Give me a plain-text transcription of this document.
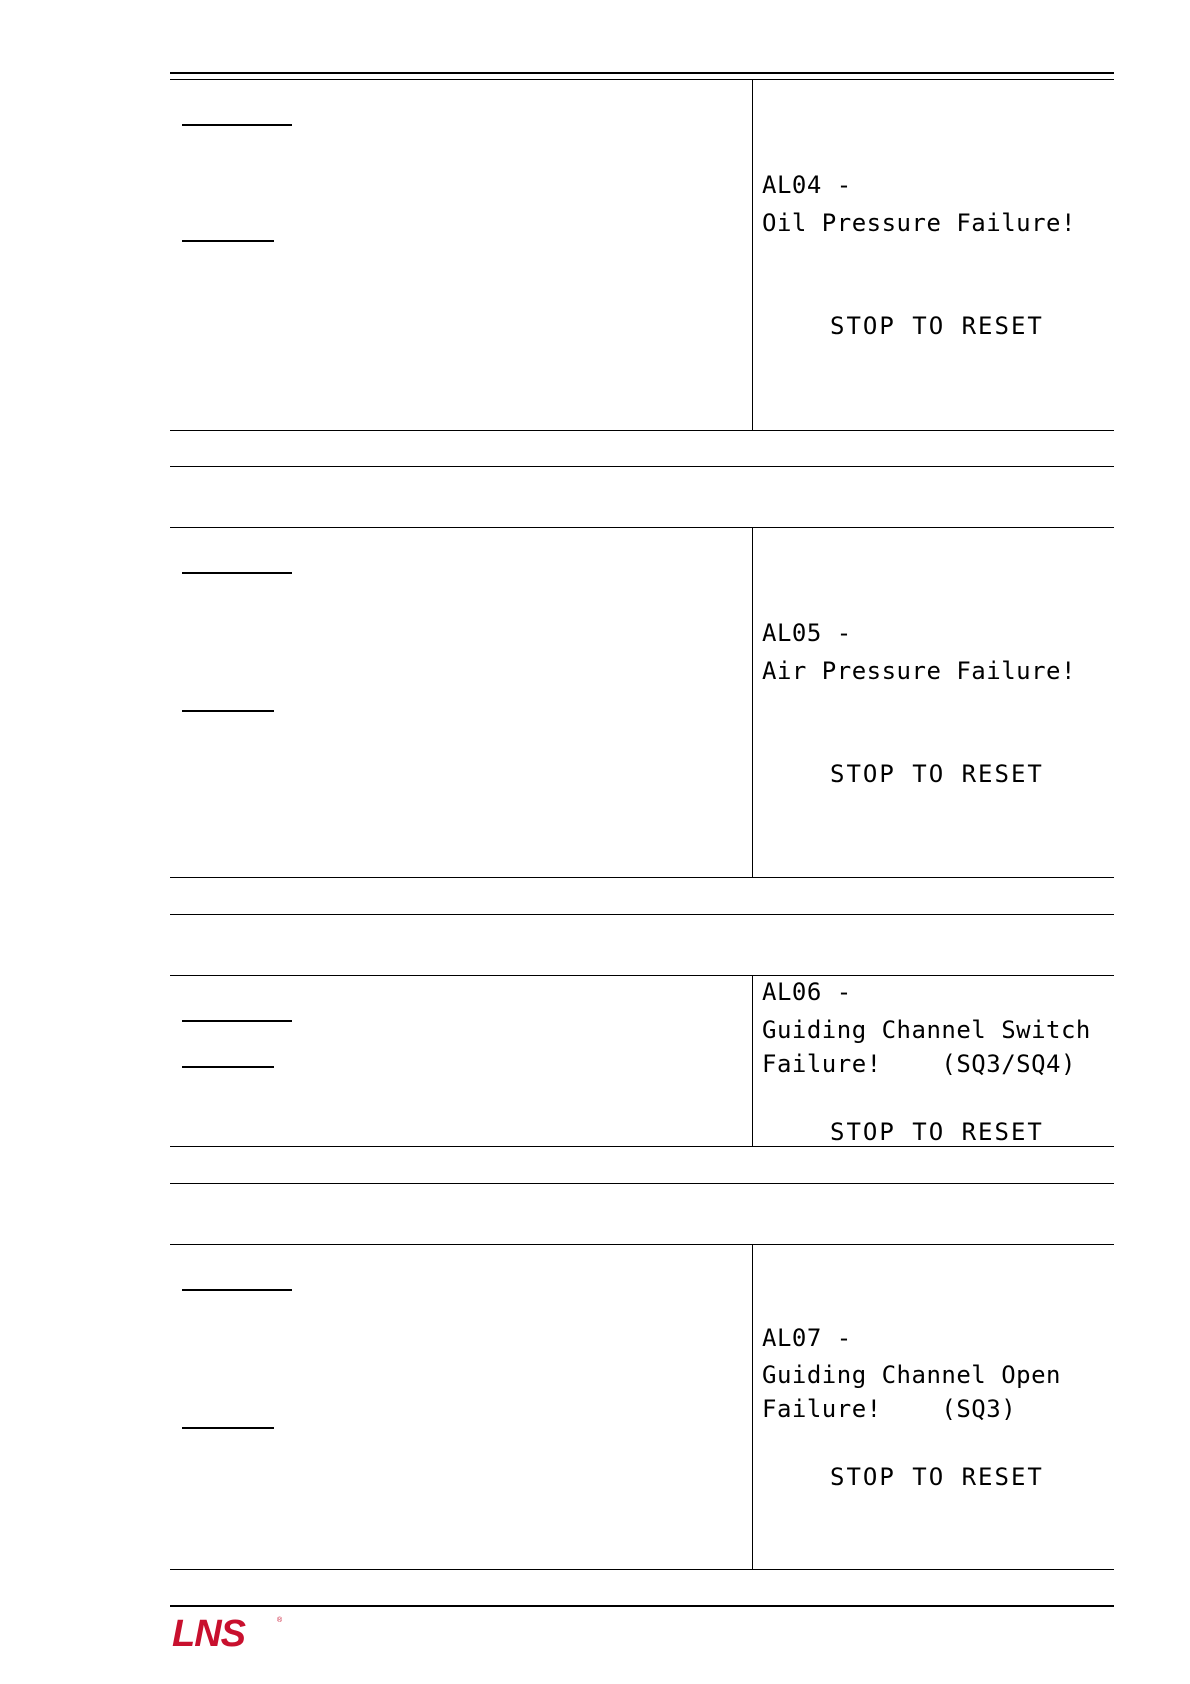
AL04 -
Oil Pressure Failure!
STOP TO RESET
AL05 -
Air Pressure Failure!
STOP TO RESET
AL06 -
Guiding Channel Switch
Failure!    (SQ3/SQ4)
STOP TO RESET
AL07 -
Guiding Channel Open
Failure!    (SQ3)
STOP TO RESET
LNS	®
